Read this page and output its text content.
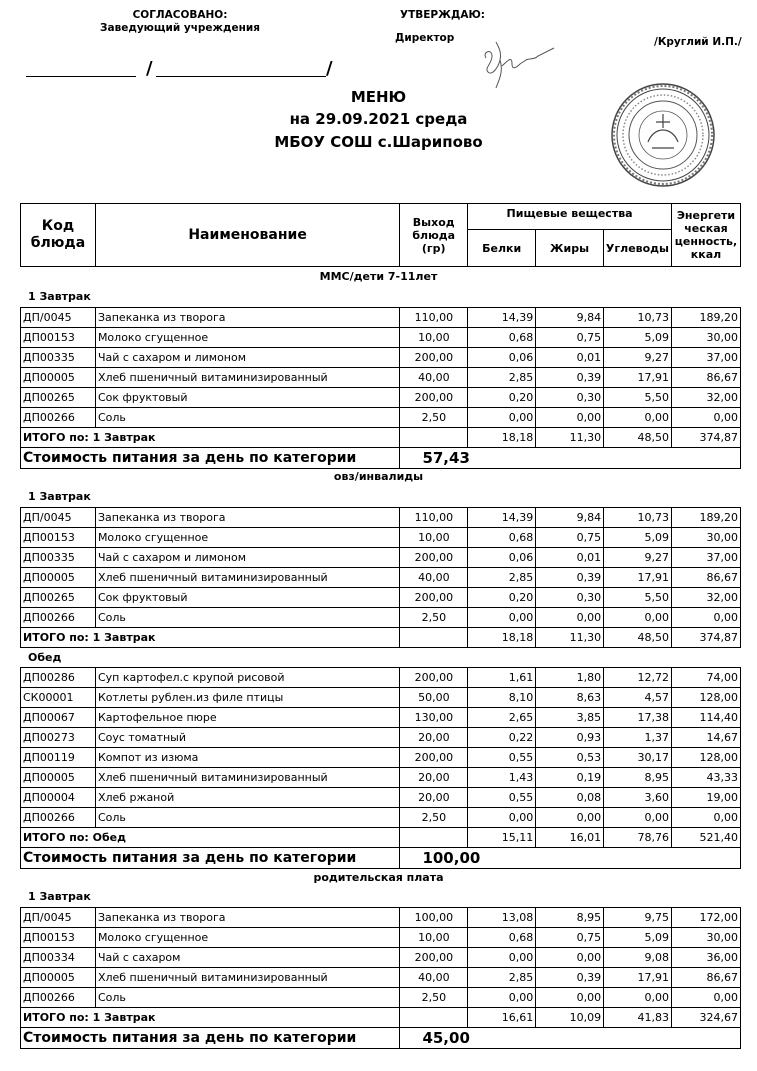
СОГЛАСОВАНО:
Заведующий учреждения
УТВЕРЖДАЮ:
Директор	/Круглий И.П./
/	/
МЕНЮ
на 29.09.2021 среда
МБОУ СОШ с.Шарипово
Код блюда	Наименование	Выход блюда (гр)	Пищевые вещества			Энергети ческая ценность, ккал
			Белки	Жиры	Углеводы	
ММС/дети 7-11лет
1 Завтрак
ДП/0045	Запеканка из творога	110,00	14,39	9,84	10,73	189,20
ДП00153	Молоко сгущенное	10,00	0,68	0,75	5,09	30,00
ДП00335	Чай с сахаром и лимоном	200,00	0,06	0,01	9,27	37,00
ДП00005	Хлеб пшеничный витаминизированный	40,00	2,85	0,39	17,91	86,67
ДП00265	Сок фруктовый	200,00	0,20	0,30	5,50	32,00
ДП00266	Соль	2,50	0,00	0,00	0,00	0,00
ИТОГО по: 1 Завтрак			18,18	11,30	48,50	374,87
Стоимость питания за день по категории		57,43				
овз/инвалиды
1 Завтрак
ДП/0045	Запеканка из творога	110,00	14,39	9,84	10,73	189,20
ДП00153	Молоко сгущенное	10,00	0,68	0,75	5,09	30,00
ДП00335	Чай с сахаром и лимоном	200,00	0,06	0,01	9,27	37,00
ДП00005	Хлеб пшеничный витаминизированный	40,00	2,85	0,39	17,91	86,67
ДП00265	Сок фруктовый	200,00	0,20	0,30	5,50	32,00
ДП00266	Соль	2,50	0,00	0,00	0,00	0,00
ИТОГО по: 1 Завтрак			18,18	11,30	48,50	374,87
Обед
ДП00286	Суп картофел.с крупой рисовой	200,00	1,61	1,80	12,72	74,00
СК00001	Котлеты рублен.из филе птицы	50,00	8,10	8,63	4,57	128,00
ДП00067	Картофельное пюре	130,00	2,65	3,85	17,38	114,40
ДП00273	Соус томатный	20,00	0,22	0,93	1,37	14,67
ДП00119	Компот из изюма	200,00	0,55	0,53	30,17	128,00
ДП00005	Хлеб пшеничный витаминизированный	20,00	1,43	0,19	8,95	43,33
ДП00004	Хлеб ржаной	20,00	0,55	0,08	3,60	19,00
ДП00266	Соль	2,50	0,00	0,00	0,00	0,00
ИТОГО по: Обед			15,11	16,01	78,76	521,40
Стоимость питания за день по категории		100,00				
родительская плата
1 Завтрак
ДП/0045	Запеканка из творога	100,00	13,08	8,95	9,75	172,00
ДП00153	Молоко сгущенное	10,00	0,68	0,75	5,09	30,00
ДП00334	Чай с сахаром	200,00	0,00	0,00	9,08	36,00
ДП00005	Хлеб пшеничный витаминизированный	40,00	2,85	0,39	17,91	86,67
ДП00266	Соль	2,50	0,00	0,00	0,00	0,00
ИТОГО по: 1 Завтрак			16,61	10,09	41,83	324,67
Стоимость питания за день по категории		45,00				
